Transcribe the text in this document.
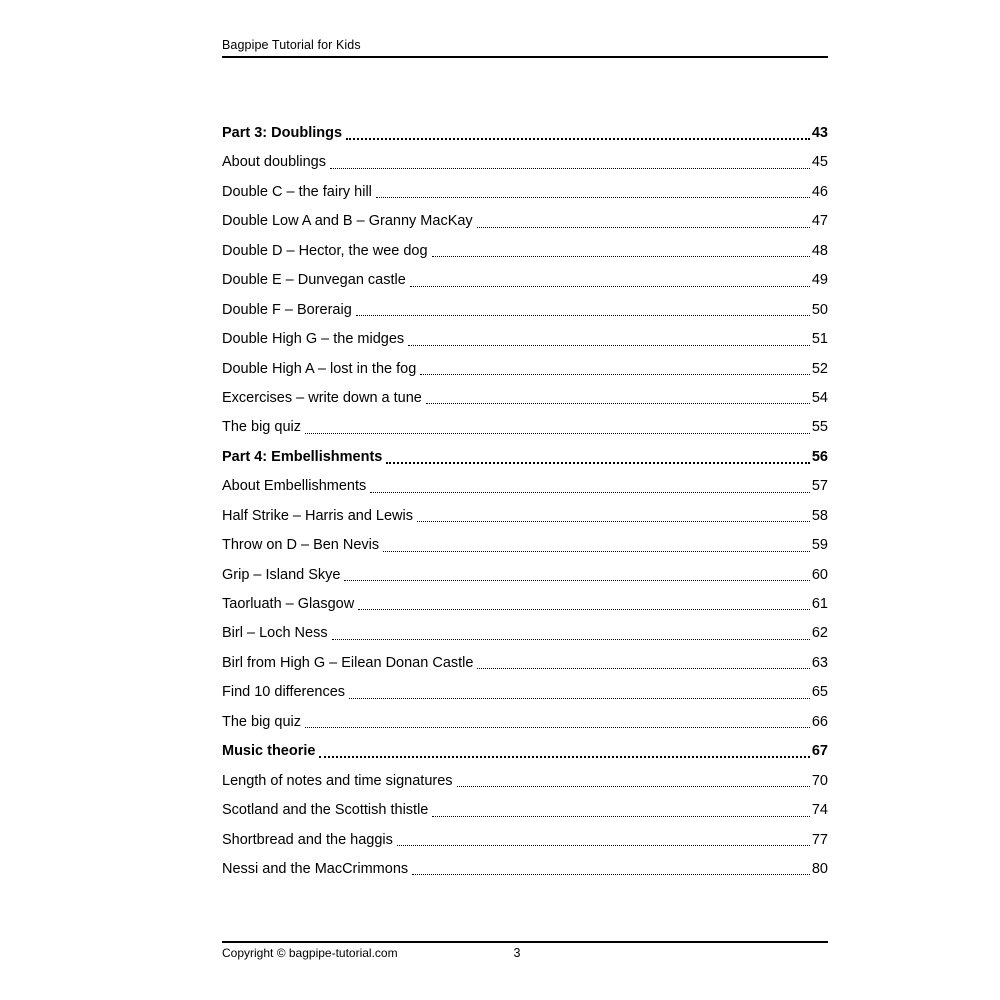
Bagpipe Tutorial for Kids
Part 3: Doublings	43
About doublings	45
Double C – the fairy hill	46
Double Low A and B – Granny MacKay	47
Double D – Hector, the wee dog	48
Double E – Dunvegan castle	49
Double F – Boreraig	50
Double High G – the midges	51
Double High A – lost in the fog	52
Excercises – write down a tune	54
The big quiz	55
Part 4: Embellishments	56
About Embellishments	57
Half Strike – Harris and Lewis	58
Throw on D – Ben Nevis	59
Grip – Island Skye	60
Taorluath – Glasgow	61
Birl – Loch Ness	62
Birl from High G – Eilean Donan Castle	63
Find 10 differences	65
The big quiz	66
Music theorie	67
Length of notes and time signatures	70
Scotland and the Scottish thistle	74
Shortbread and the haggis	77
Nessi and the MacCrimmons	80
Copyright © bagpipe-tutorial.com	3
